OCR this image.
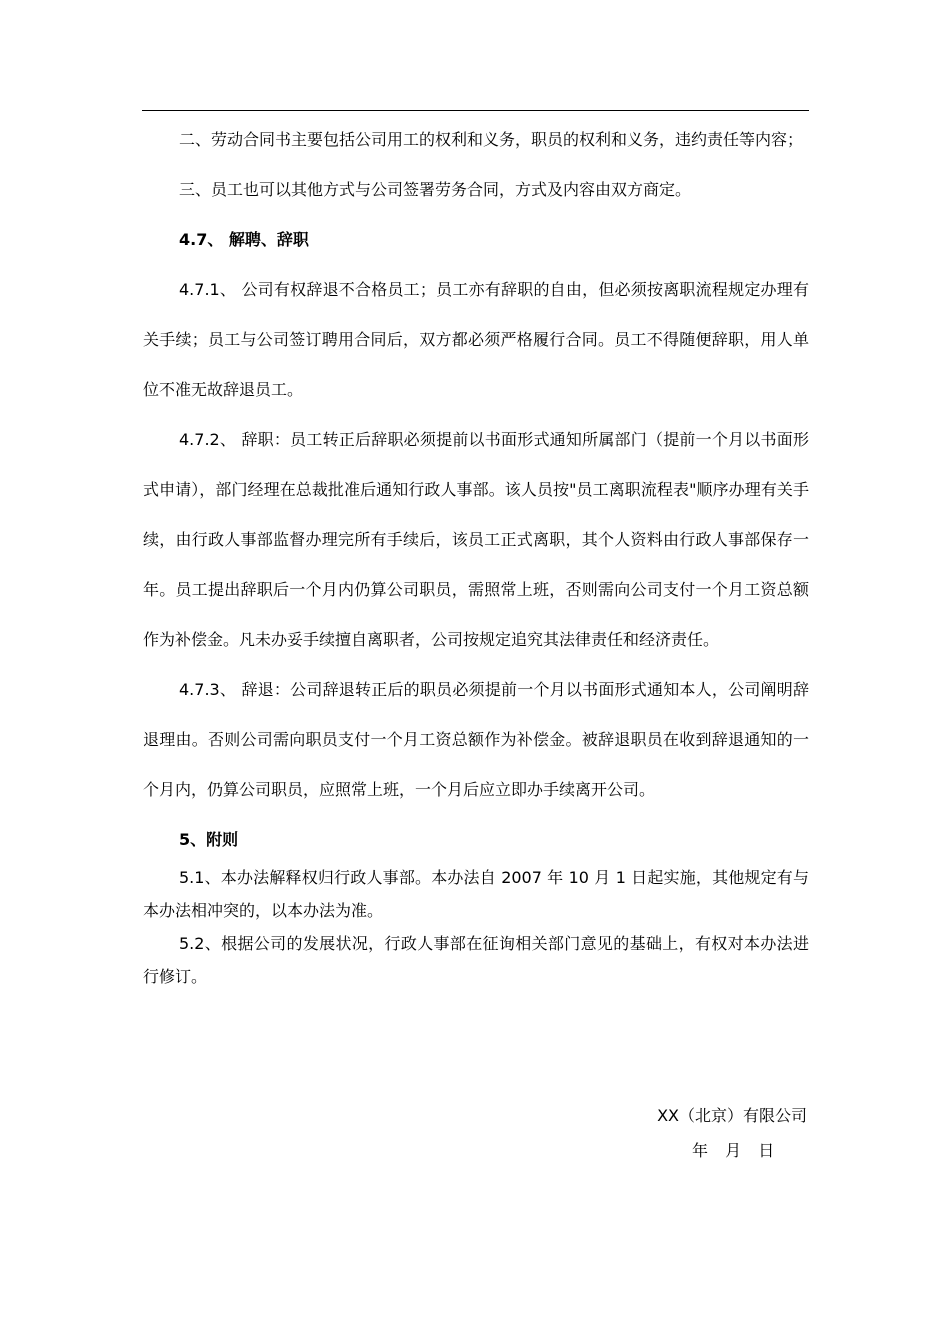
二、劳动合同书主要包括公司用工的权利和义务，职员的权利和义务，违约责任等内容；

三、员工也可以其他方式与公司签署劳务合同，方式及内容由双方商定。

4.7、 解聘、辞职

4.7.1、 公司有权辞退不合格员工；员工亦有辞职的自由，但必须按离职流程规定办理有关手续；员工与公司签订聘用合同后，双方都必须严格履行合同。员工不得随便辞职，用人单位不准无故辞退员工。

4.7.2、 辞职：员工转正后辞职必须提前以书面形式通知所属部门（提前一个月以书面形式申请），部门经理在总裁批准后通知行政人事部。该人员按"员工离职流程表"顺序办理有关手续，由行政人事部监督办理完所有手续后，该员工正式离职，其个人资料由行政人事部保存一年。员工提出辞职后一个月内仍算公司职员，需照常上班，否则需向公司支付一个月工资总额作为补偿金。凡未办妥手续擅自离职者，公司按规定追究其法律责任和经济责任。

4.7.3、 辞退：公司辞退转正后的职员必须提前一个月以书面形式通知本人，公司阐明辞退理由。否则公司需向职员支付一个月工资总额作为补偿金。被辞退职员在收到辞退通知的一个月内，仍算公司职员，应照常上班，一个月后应立即办手续离开公司。

5、附则

5.1、本办法解释权归行政人事部。本办法自 2007 年 10 月 1 日起实施，其他规定有与本办法相冲突的，以本办法为准。

5.2、根据公司的发展状况，行政人事部在征询相关部门意见的基础上，有权对本办法进行修订。

XX（北京）有限公司
年 月 日
